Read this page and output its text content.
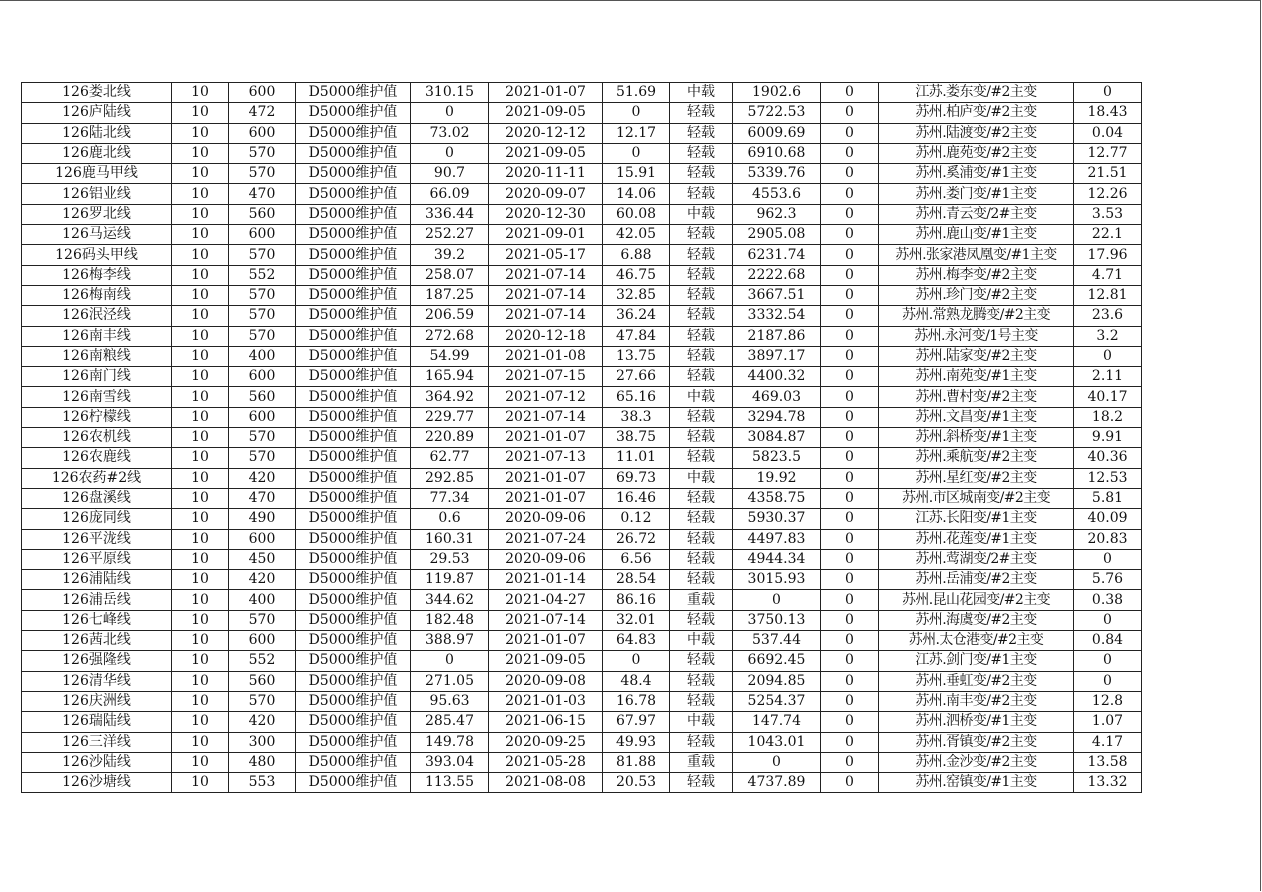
126娄北线	10	600	D5000维护值	310.15	2021-01-07	51.69	中载	1902.6	0	江苏.娄东变/#2主变	0
126庐陆线	10	472	D5000维护值	0	2021-09-05	0	轻载	5722.53	0	苏州.柏庐变/#2主变	18.43
126陆北线	10	600	D5000维护值	73.02	2020-12-12	12.17	轻载	6009.69	0	苏州.陆渡变/#2主变	0.04
126鹿北线	10	570	D5000维护值	0	2021-09-05	0	轻载	6910.68	0	苏州.鹿苑变/#2主变	12.77
126鹿马甲线	10	570	D5000维护值	90.7	2020-11-11	15.91	轻载	5339.76	0	苏州.奚浦变/#1主变	21.51
126铝业线	10	470	D5000维护值	66.09	2020-09-07	14.06	轻载	4553.6	0	苏州.娄门变/#1主变	12.26
126罗北线	10	560	D5000维护值	336.44	2020-12-30	60.08	中载	962.3	0	苏州.青云变/2#主变	3.53
126马运线	10	600	D5000维护值	252.27	2021-09-01	42.05	轻载	2905.08	0	苏州.鹿山变/#1主变	22.1
126码头甲线	10	570	D5000维护值	39.2	2021-05-17	6.88	轻载	6231.74	0	苏州.张家港凤凰变/#1主变	17.96
126梅李线	10	552	D5000维护值	258.07	2021-07-14	46.75	轻载	2222.68	0	苏州.梅李变/#2主变	4.71
126梅南线	10	570	D5000维护值	187.25	2021-07-14	32.85	轻载	3667.51	0	苏州.珍门变/#2主变	12.81
126泯泾线	10	570	D5000维护值	206.59	2021-07-14	36.24	轻载	3332.54	0	苏州.常熟龙腾变/#2主变	23.6
126南丰线	10	570	D5000维护值	272.68	2020-12-18	47.84	轻载	2187.86	0	苏州.永河变/1号主变	3.2
126南粮线	10	400	D5000维护值	54.99	2021-01-08	13.75	轻载	3897.17	0	苏州.陆家变/#2主变	0
126南门线	10	600	D5000维护值	165.94	2021-07-15	27.66	轻载	4400.32	0	苏州.南苑变/#1主变	2.11
126南雪线	10	560	D5000维护值	364.92	2021-07-12	65.16	中载	469.03	0	苏州.曹村变/#2主变	40.17
126柠檬线	10	600	D5000维护值	229.77	2021-07-14	38.3	轻载	3294.78	0	苏州.文昌变/#1主变	18.2
126农机线	10	570	D5000维护值	220.89	2021-01-07	38.75	轻载	3084.87	0	苏州.斜桥变/#1主变	9.91
126农鹿线	10	570	D5000维护值	62.77	2021-07-13	11.01	轻载	5823.5	0	苏州.乘航变/#2主变	40.36
126农药#2线	10	420	D5000维护值	292.85	2021-01-07	69.73	中载	19.92	0	苏州.星红变/#2主变	12.53
126盘溪线	10	470	D5000维护值	77.34	2021-01-07	16.46	轻载	4358.75	0	苏州.市区城南变/#2主变	5.81
126庞同线	10	490	D5000维护值	0.6	2020-09-06	0.12	轻载	5930.37	0	江苏.长阳变/#1主变	40.09
126平泷线	10	600	D5000维护值	160.31	2021-07-24	26.72	轻载	4497.83	0	苏州.花莲变/#1主变	20.83
126平原线	10	450	D5000维护值	29.53	2020-09-06	6.56	轻载	4944.34	0	苏州.莺湖变/2#主变	0
126浦陆线	10	420	D5000维护值	119.87	2021-01-14	28.54	轻载	3015.93	0	苏州.岳浦变/#2主变	5.76
126浦岳线	10	400	D5000维护值	344.62	2021-04-27	86.16	重载	0	0	苏州.昆山花园变/#2主变	0.38
126七峰线	10	570	D5000维护值	182.48	2021-07-14	32.01	轻载	3750.13	0	苏州.海虞变/#2主变	0
126茜北线	10	600	D5000维护值	388.97	2021-01-07	64.83	中载	537.44	0	苏州.太仓港变/#2主变	0.84
126强隆线	10	552	D5000维护值	0	2021-09-05	0	轻载	6692.45	0	江苏.剑门变/#1主变	0
126清华线	10	560	D5000维护值	271.05	2020-09-08	48.4	轻载	2094.85	0	苏州.垂虹变/#2主变	0
126庆洲线	10	570	D5000维护值	95.63	2021-01-03	16.78	轻载	5254.37	0	苏州.南丰变/#2主变	12.8
126瑞陆线	10	420	D5000维护值	285.47	2021-06-15	67.97	中载	147.74	0	苏州.泗桥变/#1主变	1.07
126三洋线	10	300	D5000维护值	149.78	2020-09-25	49.93	轻载	1043.01	0	苏州.胥镇变/#2主变	4.17
126沙陆线	10	480	D5000维护值	393.04	2021-05-28	81.88	重载	0	0	苏州.金沙变/#2主变	13.58
126沙塘线	10	553	D5000维护值	113.55	2021-08-08	20.53	轻载	4737.89	0	苏州.窑镇变/#1主变	13.32
